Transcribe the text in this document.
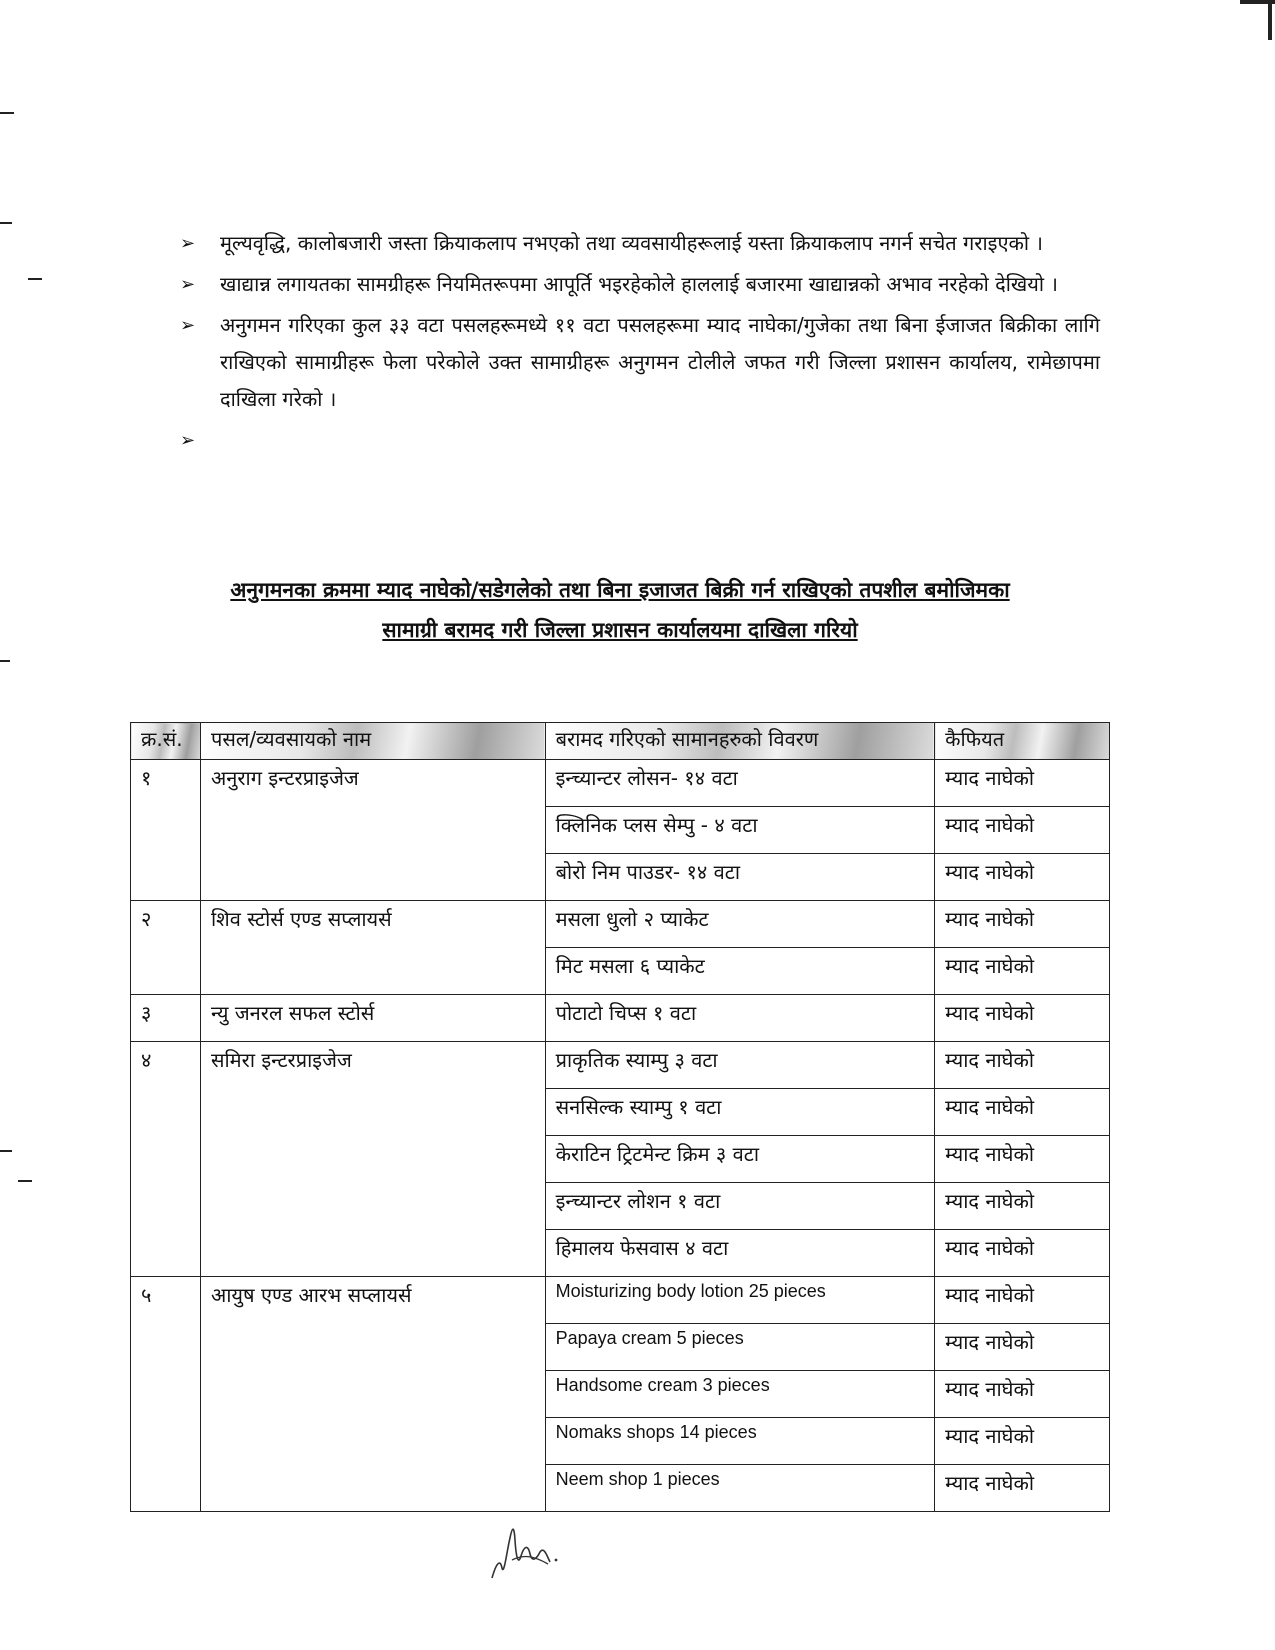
➢ मूल्यवृद्धि, कालोबजारी जस्ता क्रियाकलाप नभएको तथा व्यवसायीहरूलाई यस्ता क्रियाकलाप नगर्न सचेत गराइएको ।
➢ खाद्यान्न लगायतका सामग्रीहरू नियमितरूपमा आपूर्ति भइरहेकोले हाललाई बजारमा खाद्यान्नको अभाव नरहेको देखियो ।
➢ अनुगमन गरिएका कुल ३३ वटा पसलहरूमध्ये ११ वटा पसलहरूमा म्याद नाघेका/गुजेका तथा बिना ईजाजत बिक्रीका लागि राखिएको सामाग्रीहरू फेला परेकोले उक्त सामाग्रीहरू अनुगमन टोलीले जफत गरी जिल्ला प्रशासन कार्यालय, रामेछापमा दाखिला गरेको ।
➢
अनुगमनका क्रममा म्याद नाघेको/सडेगलेको तथा बिना इजाजत बिक्री गर्न राखिएको तपशील बमोजिमका
सामाग्री बरामद गरी जिल्ला प्रशासन कार्यालयमा दाखिला गरियो
क्र.सं.	पसल/व्यवसायको नाम	बरामद गरिएको सामानहरुको विवरण	कैफियत
१	अनुराग इन्टरप्राइजेज	इन्च्यान्टर लोसन- १४ वटा	म्याद नाघेको
		क्लिनिक प्लस सेम्पु - ४ वटा	म्याद नाघेको
		बोरो निम पाउडर- १४ वटा	म्याद नाघेको
२	शिव स्टोर्स एण्ड सप्लायर्स	मसला धुलो २ प्याकेट	म्याद नाघेको
		मिट मसला ६ प्याकेट	म्याद नाघेको
३	न्यु जनरल सफल स्टोर्स	पोटाटो चिप्स १ वटा	म्याद नाघेको
४	समिरा इन्टरप्राइजेज	प्राकृतिक स्याम्पु ३ वटा	म्याद नाघेको
		सनसिल्क स्याम्पु १ वटा	म्याद नाघेको
		केराटिन ट्रिटमेन्ट क्रिम ३ वटा	म्याद नाघेको
		इन्च्यान्टर लोशन १ वटा	म्याद नाघेको
		हिमालय फेसवास ४ वटा	म्याद नाघेको
५	आयुष एण्ड आरभ सप्लायर्स	Moisturizing body lotion 25 pieces	म्याद नाघेको
		Papaya cream 5 pieces	म्याद नाघेको
		Handsome cream 3 pieces	म्याद नाघेको
		Nomaks shops 14 pieces	म्याद नाघेको
		Neem shop 1 pieces	म्याद नाघेको
